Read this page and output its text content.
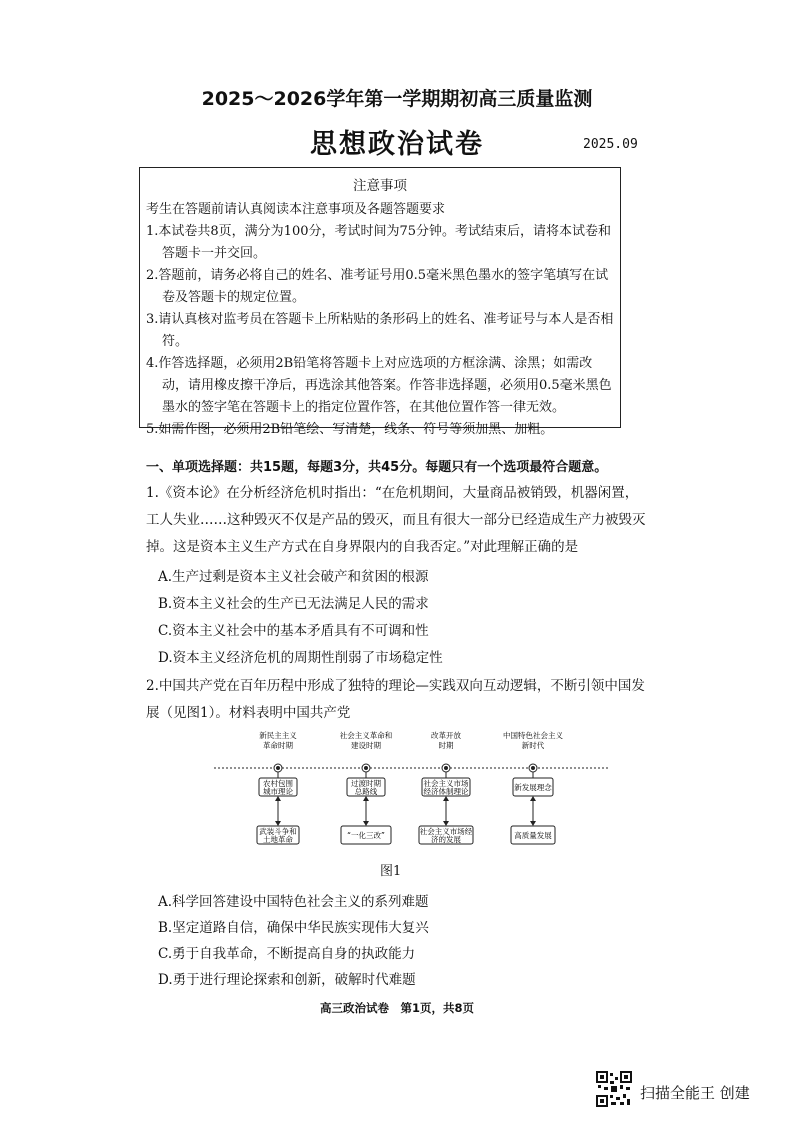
2025～2026学年第一学期期初高三质量监测
思想政治试卷	2025.09
注意事项
考生在答题前请认真阅读本注意事项及各题答题要求
1.本试卷共8页，满分为100分，考试时间为75分钟。考试结束后，请将本试卷和答题卡一并交回。
2.答题前，请务必将自己的姓名、准考证号用0.5毫米黑色墨水的签字笔填写在试卷及答题卡的规定位置。
3.请认真核对监考员在答题卡上所粘贴的条形码上的姓名、准考证号与本人是否相符。
4.作答选择题，必须用2B铅笔将答题卡上对应选项的方框涂满、涂黑；如需改动，请用橡皮擦干净后，再选涂其他答案。作答非选择题，必须用0.5毫米黑色墨水的签字笔在答题卡上的指定位置作答，在其他位置作答一律无效。
5.如需作图，必须用2B铅笔绘、写清楚，线条、符号等须加黑、加粗。
一、单项选择题：共15题，每题3分，共45分。每题只有一个选项最符合题意。
1.《资本论》在分析经济危机时指出：“在危机期间，大量商品被销毁，机器闲置，工人失业……这种毁灭不仅是产品的毁灭，而且有很大一部分已经造成生产力被毁灭掉。这是资本主义生产方式在自身界限内的自我否定。”对此理解正确的是
A.生产过剩是资本主义社会破产和贫困的根源
B.资本主义社会的生产已无法满足人民的需求
C.资本主义社会中的基本矛盾具有不可调和性
D.资本主义经济危机的周期性削弱了市场稳定性
2.中国共产党在百年历程中形成了独特的理论—实践双向互动逻辑，不断引领中国发展（见图1）。材料表明中国共产党
新民主主义
革命时期
农村包围
城市理论
武装斗争和
土地革命
社会主义革命和
建设时期
过渡时期
总路线
“一化三改”
改革开放
时期
社会主义市场
经济体制理论
社会主义市场经
济的发展
中国特色社会主义
新时代
新发展理念
高质量发展
图1
A.科学回答建设中国特色社会主义的系列难题
B.坚定道路自信，确保中华民族实现伟大复兴
C.勇于自我革命，不断提高自身的执政能力
D.勇于进行理论探索和创新，破解时代难题
高三政治试卷　第1页，共8页
扫描全能王 创建
